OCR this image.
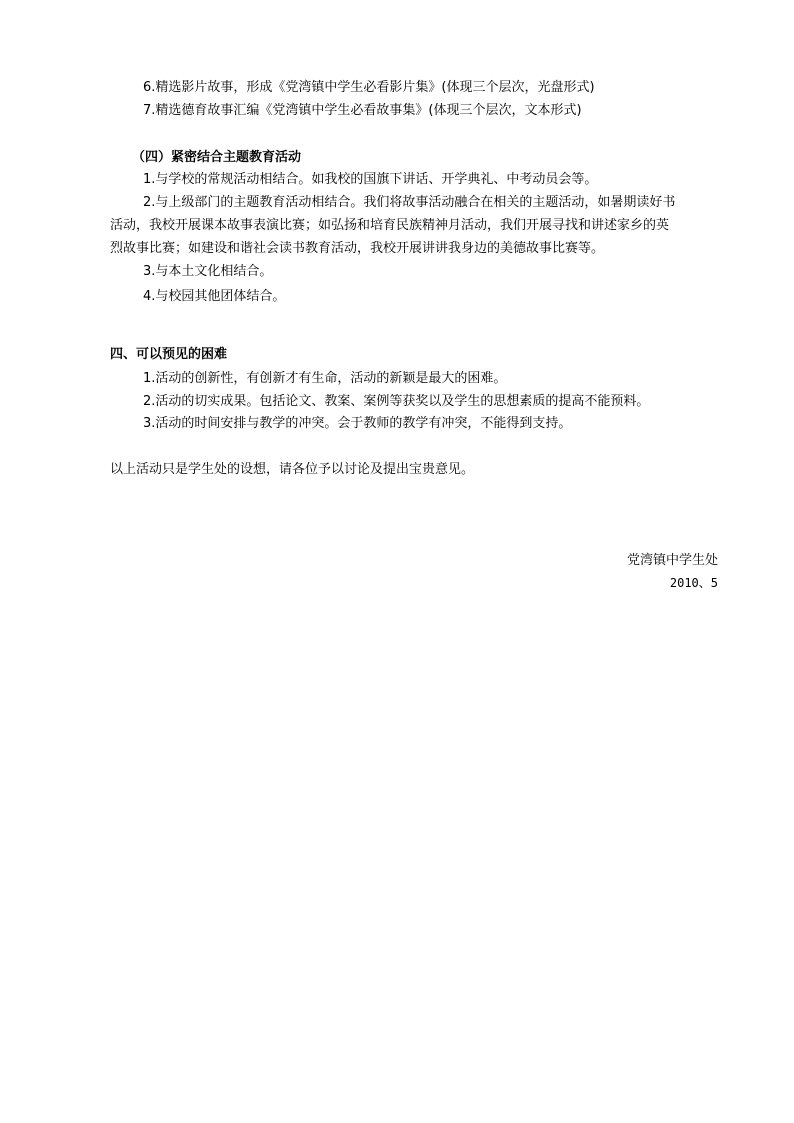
6.精选影片故事，形成《党湾镇中学生必看影片集》(体现三个层次，光盘形式)
7.精选德育故事汇编《党湾镇中学生必看故事集》(体现三个层次，文本形式)
（四）紧密结合主题教育活动
1.与学校的常规活动相结合。如我校的国旗下讲话、开学典礼、中考动员会等。
2.与上级部门的主题教育活动相结合。我们将故事活动融合在相关的主题活动，如暑期读好书
活动，我校开展课本故事表演比赛；如弘扬和培育民族精神月活动，我们开展寻找和讲述家乡的英
烈故事比赛；如建设和谐社会读书教育活动，我校开展讲讲我身边的美德故事比赛等。
3.与本土文化相结合。
4.与校园其他团体结合。
四、可以预见的困难
1.活动的创新性，有创新才有生命，活动的新颖是最大的困难。
2.活动的切实成果。包括论文、教案、案例等获奖以及学生的思想素质的提高不能预料。
3.活动的时间安排与教学的冲突。会于教师的教学有冲突，不能得到支持。
以上活动只是学生处的设想，请各位予以讨论及提出宝贵意见。
党湾镇中学生处
2010、5
